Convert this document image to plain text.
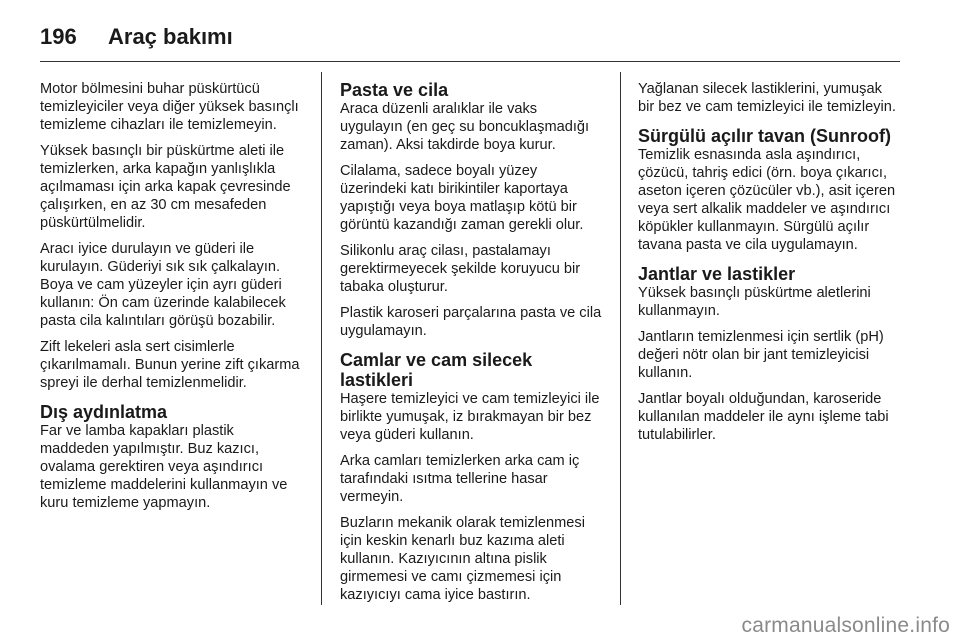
196	Araç bakımı

Motor bölmesini buhar püskürtücü temizleyiciler veya diğer yüksek basınçlı temizleme cihazları ile temizlemeyin.

Yüksek basınçlı bir püskürtme aleti ile temizlerken, arka kapağın yanlışlıkla açılmaması için arka kapak çevresinde çalışırken, en az 30 cm mesafeden püskürtülmelidir.

Aracı iyice durulayın ve güderi ile kurulayın. Güderiyi sık sık çalkalayın. Boya ve cam yüzeyler için ayrı güderi kullanın: Ön cam üzerinde kalabilecek pasta cila kalıntıları görüşü bozabilir.

Zift lekeleri asla sert cisimlerle çıkarılmamalı. Bunun yerine zift çıkarma spreyi ile derhal temizlenmelidir.

Dış aydınlatma

Far ve lamba kapakları plastik maddeden yapılmıştır. Buz kazıcı, ovalama gerektiren veya aşındırıcı temizleme maddelerini kullanmayın ve kuru temizleme yapmayın.

Pasta ve cila

Araca düzenli aralıklar ile vaks uygulayın (en geç su boncuklaşmadığı zaman). Aksi takdirde boya kurur.

Cilalama, sadece boyalı yüzey üzerindeki katı birikintiler kaportaya yapıştığı veya boya matlaşıp kötü bir görüntü kazandığı zaman gerekli olur.

Silikonlu araç cilası, pastalamayı gerektirmeyecek şekilde koruyucu bir tabaka oluşturur.

Plastik karoseri parçalarına pasta ve cila uygulamayın.

Camlar ve cam silecek lastikleri

Haşere temizleyici ve cam temizleyici ile birlikte yumuşak, iz bırakmayan bir bez veya güderi kullanın.

Arka camları temizlerken arka cam iç tarafındaki ısıtma tellerine hasar vermeyin.

Buzların mekanik olarak temizlenmesi için keskin kenarlı buz kazıma aleti kullanın. Kazıyıcının altına pislik girmemesi ve camı çizmemesi için kazıyıcıyı cama iyice bastırın.

Yağlanan silecek lastiklerini, yumuşak bir bez ve cam temizleyici ile temizleyin.

Sürgülü açılır tavan (Sunroof)

Temizlik esnasında asla aşındırıcı, çözücü, tahriş edici (örn. boya çıkarıcı, aseton içeren çözücüler vb.), asit içeren veya sert alkalik maddeler ve aşındırıcı köpükler kullanmayın. Sürgülü açılır tavana pasta ve cila uygulamayın.

Jantlar ve lastikler

Yüksek basınçlı püskürtme aletlerini kullanmayın.

Jantların temizlenmesi için sertlik (pH) değeri nötr olan bir jant temizleyicisi kullanın.

Jantlar boyalı olduğundan, karoseride kullanılan maddeler ile aynı işleme tabi tutulabilirler.

carmanualsonline.info
